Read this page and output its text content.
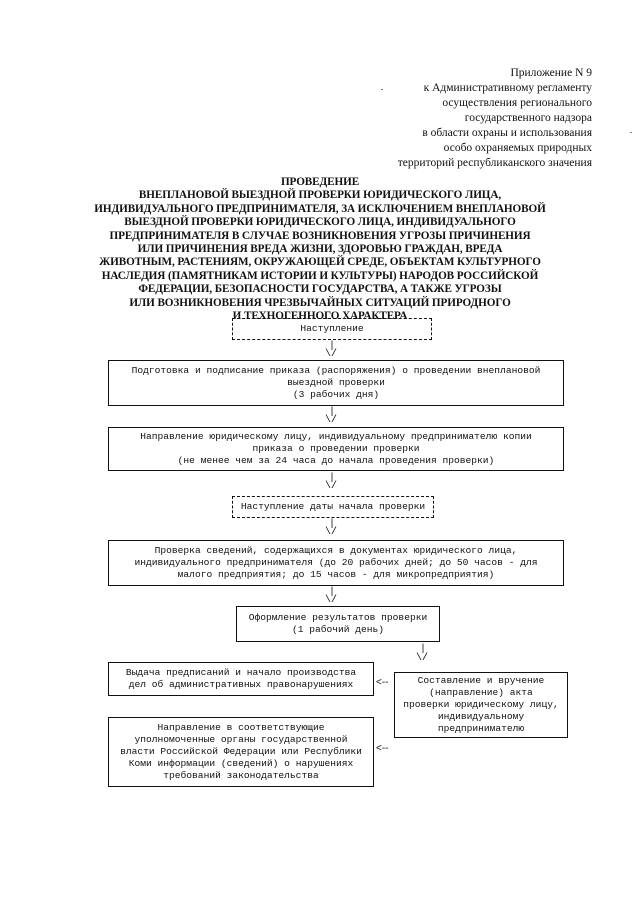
Приложение N 9
к Административному регламенту
осуществления регионального
государственного надзора
в области охраны и использования
особо охраняемых природных
территорий республиканского значения
ПРОВЕДЕНИЕ
ВНЕПЛАНОВОЙ ВЫЕЗДНОЙ ПРОВЕРКИ ЮРИДИЧЕСКОГО ЛИЦА,
ИНДИВИДУАЛЬНОГО ПРЕДПРИНИМАТЕЛЯ, ЗА ИСКЛЮЧЕНИЕМ ВНЕПЛАНОВОЙ
ВЫЕЗДНОЙ ПРОВЕРКИ ЮРИДИЧЕСКОГО ЛИЦА, ИНДИВИДУАЛЬНОГО
ПРЕДПРИНИМАТЕЛЯ В СЛУЧАЕ ВОЗНИКНОВЕНИЯ УГРОЗЫ ПРИЧИНЕНИЯ
ИЛИ ПРИЧИНЕНИЯ ВРЕДА ЖИЗНИ, ЗДОРОВЬЮ ГРАЖДАН, ВРЕДА
ЖИВОТНЫМ, РАСТЕНИЯМ, ОКРУЖАЮЩЕЙ СРЕДЕ, ОБЪЕКТАМ КУЛЬТУРНОГО
НАСЛЕДИЯ (ПАМЯТНИКАМ ИСТОРИИ И КУЛЬТУРЫ) НАРОДОВ РОССИЙСКОЙ
ФЕДЕРАЦИИ, БЕЗОПАСНОСТИ ГОСУДАРСТВА, А ТАКЖЕ УГРОЗЫ
ИЛИ ВОЗНИКНОВЕНИЯ ЧРЕЗВЫЧАЙНЫХ СИТУАЦИЙ ПРИРОДНОГО
И ТЕХНОГЕННОГО ХАРАКТЕРА
Наступление
Подготовка и подписание приказа (распоряжения) о проведении внеплановой
выездной проверки
(3 рабочих дня)
Направление юридическому лицу, индивидуальному предпринимателю копии
приказа о проведении проверки
(не менее чем за 24 часа до начала проведения проверки)
Наступление даты начала проверки
Проверка сведений, содержащихся в документах юридического лица,
индивидуального предпринимателя (до 20 рабочих дней; до 50 часов - для
малого предприятия; до 15 часов - для микропредприятия)
Оформление результатов проверки
(1 рабочий день)
Выдача предписаний и начало производства
дел об административных правонарушениях	Составление и вручение
(направление) акта
проверки юридическому лицу,
индивидуальному
предпринимателю
Направление в соответствующие
уполномоченные органы государственной
власти Российской Федерации или Республики
Коми информации (сведений) о нарушениях
требований законодательства
|
\/
|
\/
|
\/
|
\/
|
\/
|
\/
<--
<--
